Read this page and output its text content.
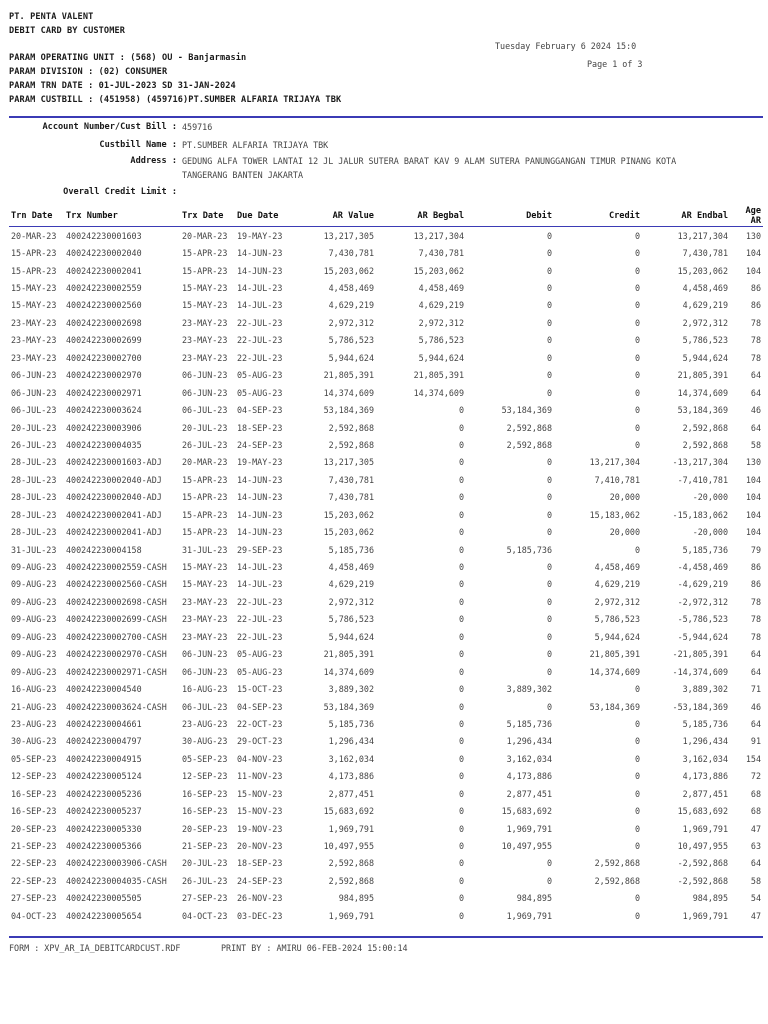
PT. PENTA VALENT
DEBIT CARD BY CUSTOMER
Tuesday February 6 2024 15:0
Page 1 of 3
PARAM OPERATING UNIT : (568) OU - Banjarmasin
PARAM DIVISION : (02) CONSUMER
PARAM TRN DATE : 01-JUL-2023 SD 31-JAN-2024
PARAM CUSTBILL : (451958) (459716)PT.SUMBER ALFARIA TRIJAYA TBK
Account Number/Cust Bill : 459716
Custbill Name : PT.SUMBER ALFARIA TRIJAYA TBK
Address : GEDUNG ALFA TOWER LANTAI 12 JL JALUR SUTERA BARAT KAV 9 ALAM SUTERA PANUNGGANGAN TIMUR PINANG KOTA
TANGERANG BANTEN JAKARTA
Overall Credit Limit :
Trn Date	Trx Number	Trx Date	Due Date	AR Value	AR Begbal	Debit	Credit	AR Endbal	Age AR
20-MAR-23	400242230001603	20-MAR-23	19-MAY-23	13,217,305	13,217,304	0	0	13,217,304	130
15-APR-23	400242230002040	15-APR-23	14-JUN-23	7,430,781	7,430,781	0	0	7,430,781	104
15-APR-23	400242230002041	15-APR-23	14-JUN-23	15,203,062	15,203,062	0	0	15,203,062	104
15-MAY-23	400242230002559	15-MAY-23	14-JUL-23	4,458,469	4,458,469	0	0	4,458,469	86
15-MAY-23	400242230002560	15-MAY-23	14-JUL-23	4,629,219	4,629,219	0	0	4,629,219	86
23-MAY-23	400242230002698	23-MAY-23	22-JUL-23	2,972,312	2,972,312	0	0	2,972,312	78
23-MAY-23	400242230002699	23-MAY-23	22-JUL-23	5,786,523	5,786,523	0	0	5,786,523	78
23-MAY-23	400242230002700	23-MAY-23	22-JUL-23	5,944,624	5,944,624	0	0	5,944,624	78
06-JUN-23	400242230002970	06-JUN-23	05-AUG-23	21,805,391	21,805,391	0	0	21,805,391	64
06-JUN-23	400242230002971	06-JUN-23	05-AUG-23	14,374,609	14,374,609	0	0	14,374,609	64
06-JUL-23	400242230003624	06-JUL-23	04-SEP-23	53,184,369	0	53,184,369	0	53,184,369	46
20-JUL-23	400242230003906	20-JUL-23	18-SEP-23	2,592,868	0	2,592,868	0	2,592,868	64
26-JUL-23	400242230004035	26-JUL-23	24-SEP-23	2,592,868	0	2,592,868	0	2,592,868	58
28-JUL-23	400242230001603-ADJ	20-MAR-23	19-MAY-23	13,217,305	0	0	13,217,304	-13,217,304	130
28-JUL-23	400242230002040-ADJ	15-APR-23	14-JUN-23	7,430,781	0	0	7,410,781	-7,410,781	104
28-JUL-23	400242230002040-ADJ	15-APR-23	14-JUN-23	7,430,781	0	0	20,000	-20,000	104
28-JUL-23	400242230002041-ADJ	15-APR-23	14-JUN-23	15,203,062	0	0	15,183,062	-15,183,062	104
28-JUL-23	400242230002041-ADJ	15-APR-23	14-JUN-23	15,203,062	0	0	20,000	-20,000	104
31-JUL-23	400242230004158	31-JUL-23	29-SEP-23	5,185,736	0	5,185,736	0	5,185,736	79
09-AUG-23	400242230002559-CASH	15-MAY-23	14-JUL-23	4,458,469	0	0	4,458,469	-4,458,469	86
09-AUG-23	400242230002560-CASH	15-MAY-23	14-JUL-23	4,629,219	0	0	4,629,219	-4,629,219	86
09-AUG-23	400242230002698-CASH	23-MAY-23	22-JUL-23	2,972,312	0	0	2,972,312	-2,972,312	78
09-AUG-23	400242230002699-CASH	23-MAY-23	22-JUL-23	5,786,523	0	0	5,786,523	-5,786,523	78
09-AUG-23	400242230002700-CASH	23-MAY-23	22-JUL-23	5,944,624	0	0	5,944,624	-5,944,624	78
09-AUG-23	400242230002970-CASH	06-JUN-23	05-AUG-23	21,805,391	0	0	21,805,391	-21,805,391	64
09-AUG-23	400242230002971-CASH	06-JUN-23	05-AUG-23	14,374,609	0	0	14,374,609	-14,374,609	64
16-AUG-23	400242230004540	16-AUG-23	15-OCT-23	3,889,302	0	3,889,302	0	3,889,302	71
21-AUG-23	400242230003624-CASH	06-JUL-23	04-SEP-23	53,184,369	0	0	53,184,369	-53,184,369	46
23-AUG-23	400242230004661	23-AUG-23	22-OCT-23	5,185,736	0	5,185,736	0	5,185,736	64
30-AUG-23	400242230004797	30-AUG-23	29-OCT-23	1,296,434	0	1,296,434	0	1,296,434	91
05-SEP-23	400242230004915	05-SEP-23	04-NOV-23	3,162,034	0	3,162,034	0	3,162,034	154
12-SEP-23	400242230005124	12-SEP-23	11-NOV-23	4,173,886	0	4,173,886	0	4,173,886	72
16-SEP-23	400242230005236	16-SEP-23	15-NOV-23	2,877,451	0	2,877,451	0	2,877,451	68
16-SEP-23	400242230005237	16-SEP-23	15-NOV-23	15,683,692	0	15,683,692	0	15,683,692	68
20-SEP-23	400242230005330	20-SEP-23	19-NOV-23	1,969,791	0	1,969,791	0	1,969,791	47
21-SEP-23	400242230005366	21-SEP-23	20-NOV-23	10,497,955	0	10,497,955	0	10,497,955	63
22-SEP-23	400242230003906-CASH	20-JUL-23	18-SEP-23	2,592,868	0	0	2,592,868	-2,592,868	64
22-SEP-23	400242230004035-CASH	26-JUL-23	24-SEP-23	2,592,868	0	0	2,592,868	-2,592,868	58
27-SEP-23	400242230005505	27-SEP-23	26-NOV-23	984,895	0	984,895	0	984,895	54
04-OCT-23	400242230005654	04-OCT-23	03-DEC-23	1,969,791	0	1,969,791	0	1,969,791	47
FORM : XPV_AR_IA_DEBITCARDCUST.RDF	PRINT BY : AMIRU 06-FEB-2024 15:00:14
